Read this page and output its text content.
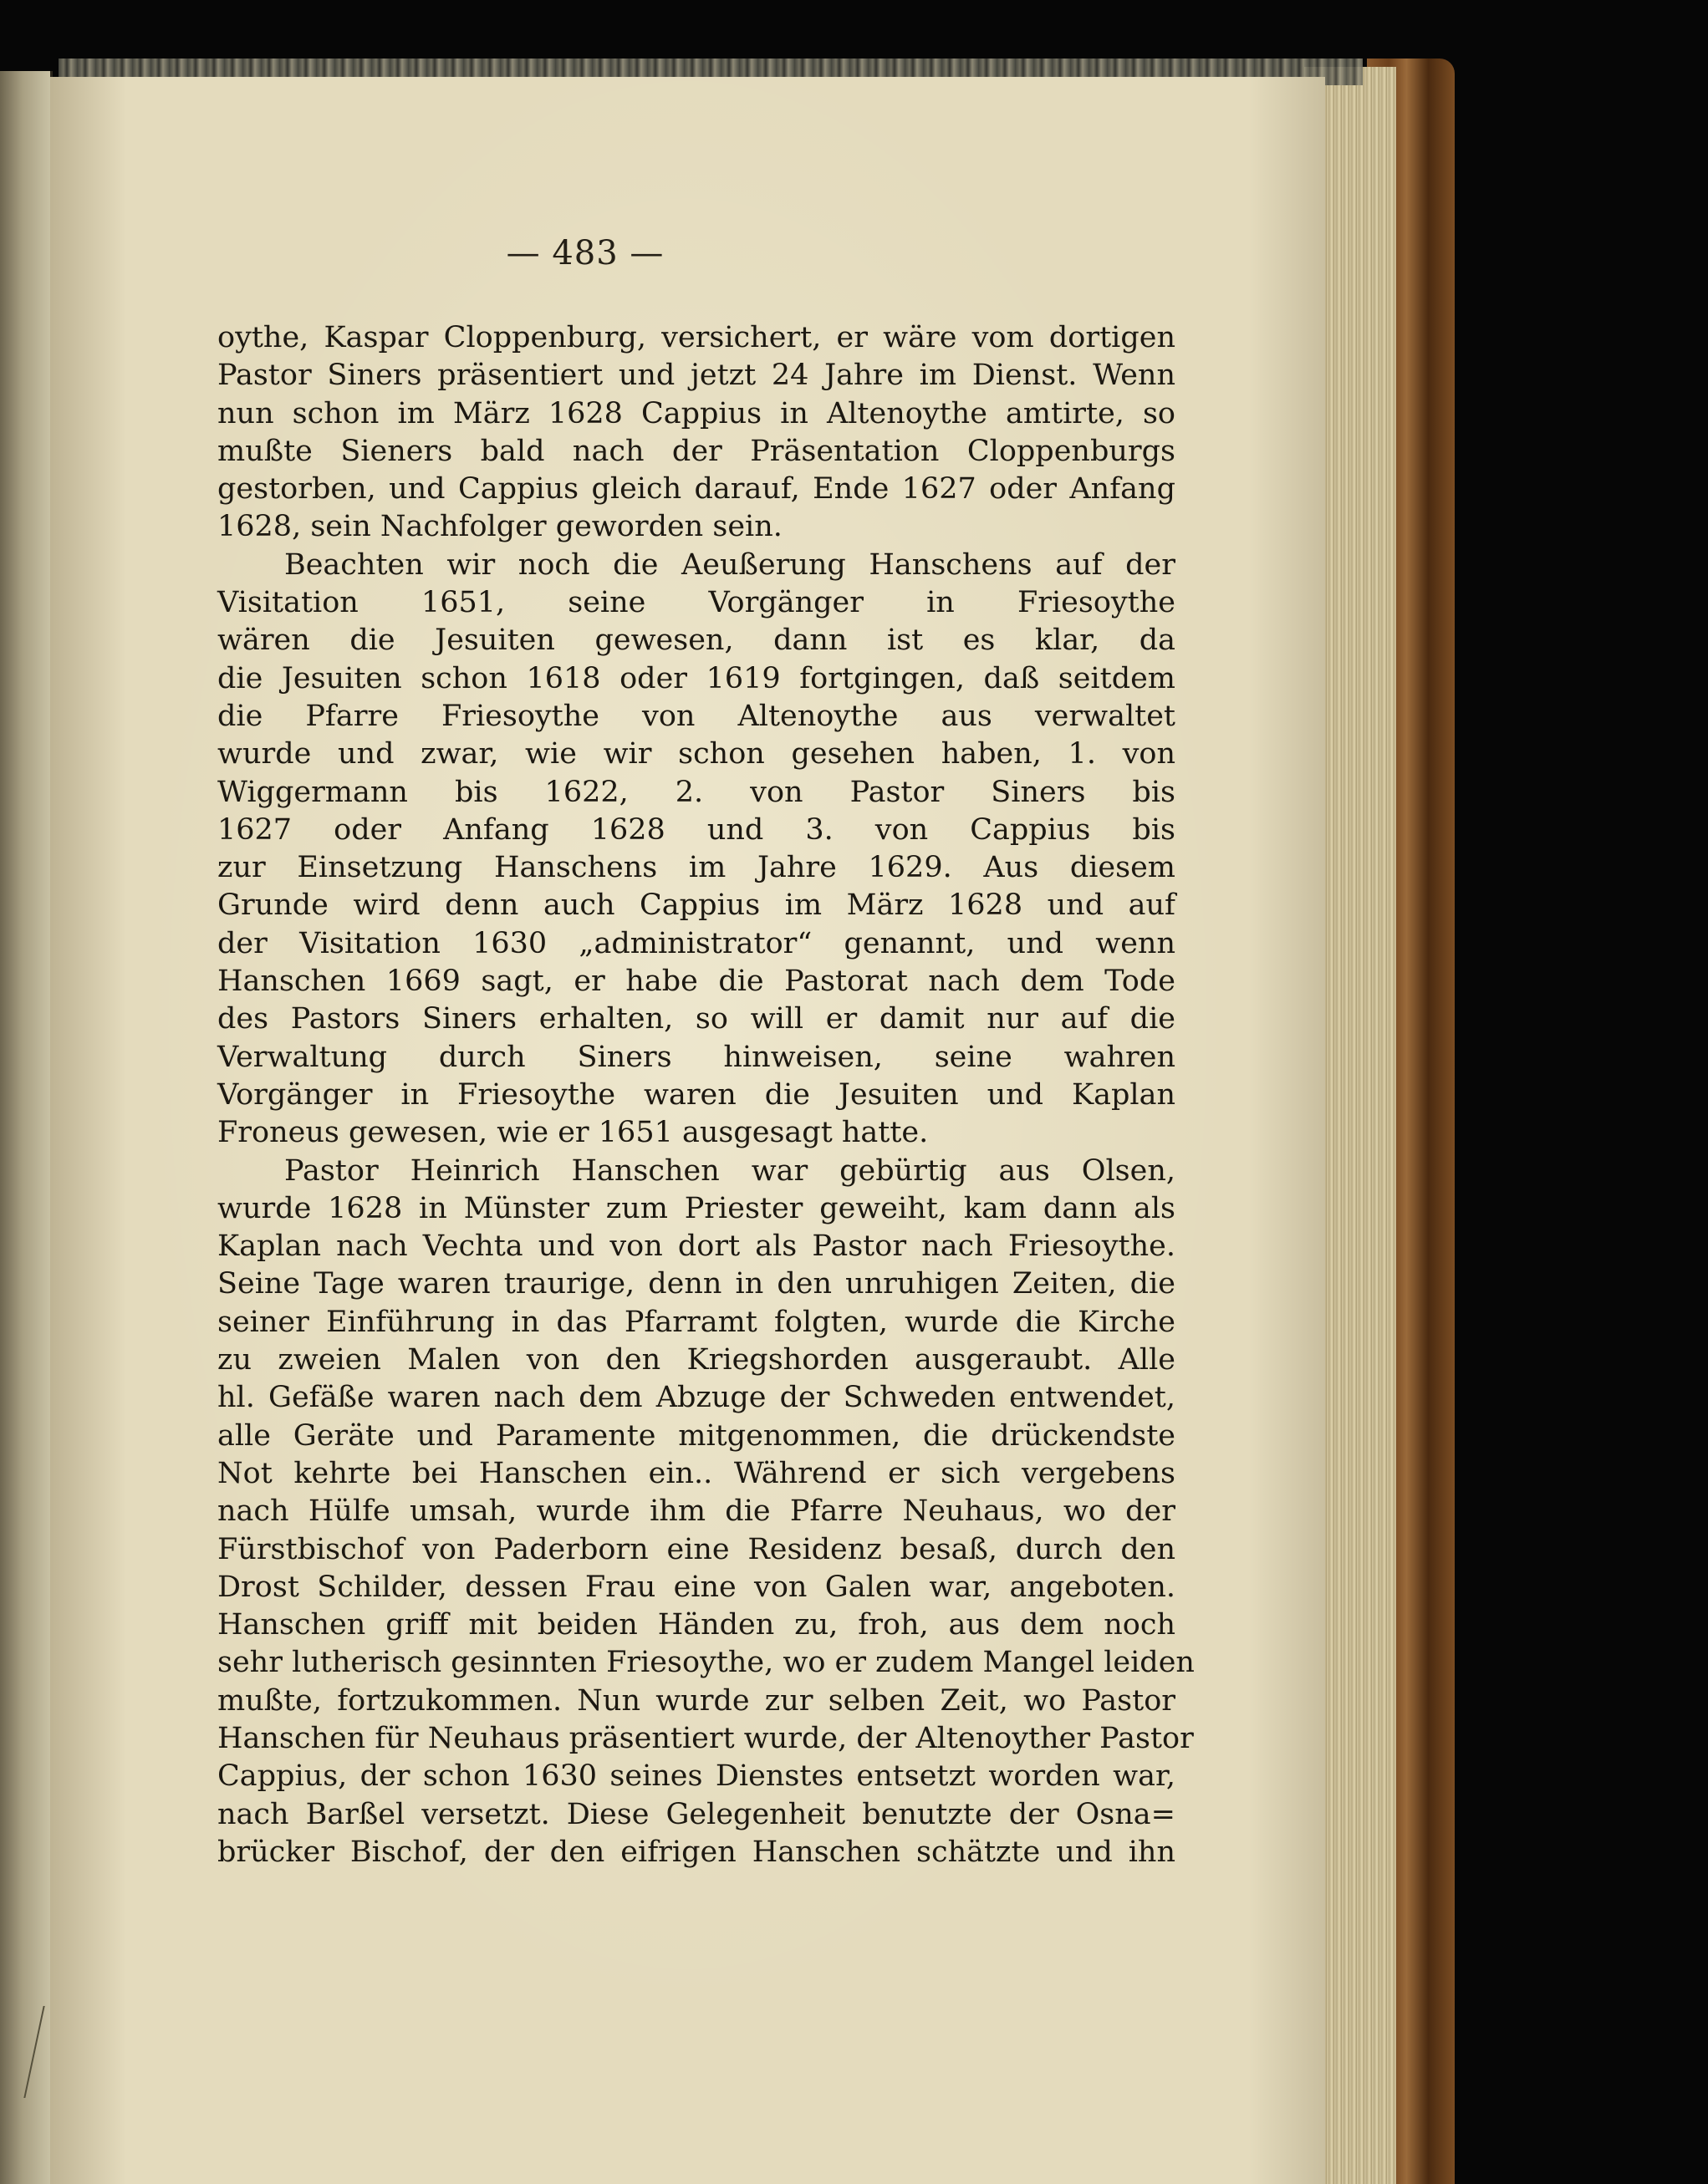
— 483 —
oythe, Kaspar Cloppenburg, versichert, er wäre vom dortigen
Pastor Siners präsentiert und jetzt 24 Jahre im Dienst. Wenn
nun schon im März 1628 Cappius in Altenoythe amtirte, so
mußte Sieners bald nach der Präsentation Cloppenburgs
gestorben, und Cappius gleich darauf, Ende 1627 oder Anfang
1628, sein Nachfolger geworden sein.
Beachten wir noch die Aeußerung Hanschens auf der
Visitation 1651, seine Vorgänger in Friesoythe
wären die Jesuiten gewesen, dann ist es klar, da
die Jesuiten schon 1618 oder 1619 fortgingen, daß seitdem
die Pfarre Friesoythe von Altenoythe aus verwaltet
wurde und zwar, wie wir schon gesehen haben, 1. von
Wiggermann bis 1622, 2. von Pastor Siners bis
1627 oder Anfang 1628 und 3. von Cappius bis
zur Einsetzung Hanschens im Jahre 1629. Aus diesem
Grunde wird denn auch Cappius im März 1628 und auf
der Visitation 1630 „administrator“ genannt, und wenn
Hanschen 1669 sagt, er habe die Pastorat nach dem Tode
des Pastors Siners erhalten, so will er damit nur auf die
Verwaltung durch Siners hinweisen, seine wahren
Vorgänger in Friesoythe waren die Jesuiten und Kaplan
Froneus gewesen, wie er 1651 ausgesagt hatte.
Pastor Heinrich Hanschen war gebürtig aus Olsen,
wurde 1628 in Münster zum Priester geweiht, kam dann als
Kaplan nach Vechta und von dort als Pastor nach Friesoythe.
Seine Tage waren traurige, denn in den unruhigen Zeiten, die
seiner Einführung in das Pfarramt folgten, wurde die Kirche
zu zweien Malen von den Kriegshorden ausgeraubt. Alle
hl. Gefäße waren nach dem Abzuge der Schweden entwendet,
alle Geräte und Paramente mitgenommen, die drückendste
Not kehrte bei Hanschen ein.. Während er sich vergebens
nach Hülfe umsah, wurde ihm die Pfarre Neuhaus, wo der
Fürstbischof von Paderborn eine Residenz besaß, durch den
Drost Schilder, dessen Frau eine von Galen war, angeboten.
Hanschen griff mit beiden Händen zu, froh, aus dem noch
sehr lutherisch gesinnten Friesoythe, wo er zudem Mangel leiden
mußte, fortzukommen. Nun wurde zur selben Zeit, wo Pastor
Hanschen für Neuhaus präsentiert wurde, der Altenoyther Pastor
Cappius, der schon 1630 seines Dienstes entsetzt worden war,
nach Barßel versetzt. Diese Gelegenheit benutzte der Osna=
brücker Bischof, der den eifrigen Hanschen schätzte und ihn
